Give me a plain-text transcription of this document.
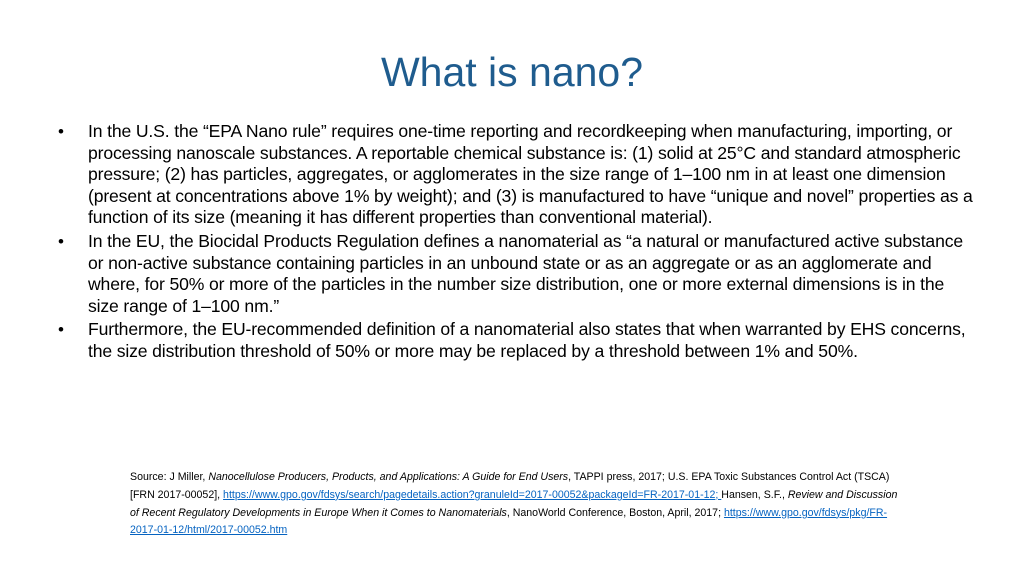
What is nano?
•	In the U.S. the “EPA Nano rule” requires one-time reporting and recordkeeping when manufacturing, importing, or processing nanoscale substances. A reportable chemical substance is: (1) solid at 25°C and standard atmospheric pressure; (2) has particles, aggregates, or agglomerates in the size range of 1–100 nm in at least one dimension (present at concentrations above 1% by weight); and (3) is manufactured to have “unique and novel” properties as a function of its size (meaning it has different properties than conventional material).
•	In the EU, the Biocidal Products Regulation defines a nanomaterial as “a natural or manufactured active substance or non-active substance containing particles in an unbound state or as an aggregate or as an agglomerate and where, for 50% or more of the particles in the number size distribution, one or more external dimensions is in the size range of 1–100 nm.”
•	Furthermore, the EU-recommended definition of a nanomaterial also states that when warranted by EHS concerns, the size distribution threshold of 50% or more may be replaced by a threshold between 1% and 50%.
Source: J Miller, Nanocellulose Producers, Products, and Applications: A Guide for End Users, TAPPI press, 2017; U.S. EPA Toxic Substances Control Act (TSCA) [FRN 2017-00052], https://www.gpo.gov/fdsys/search/pagedetails.action?granuleId=2017-00052&packageId=FR-2017-01-12; Hansen, S.F., Review and Discussion of Recent Regulatory Developments in Europe When it Comes to Nanomaterials, NanoWorld Conference, Boston, April, 2017; https://www.gpo.gov/fdsys/pkg/FR-2017-01-12/html/2017-00052.htm
